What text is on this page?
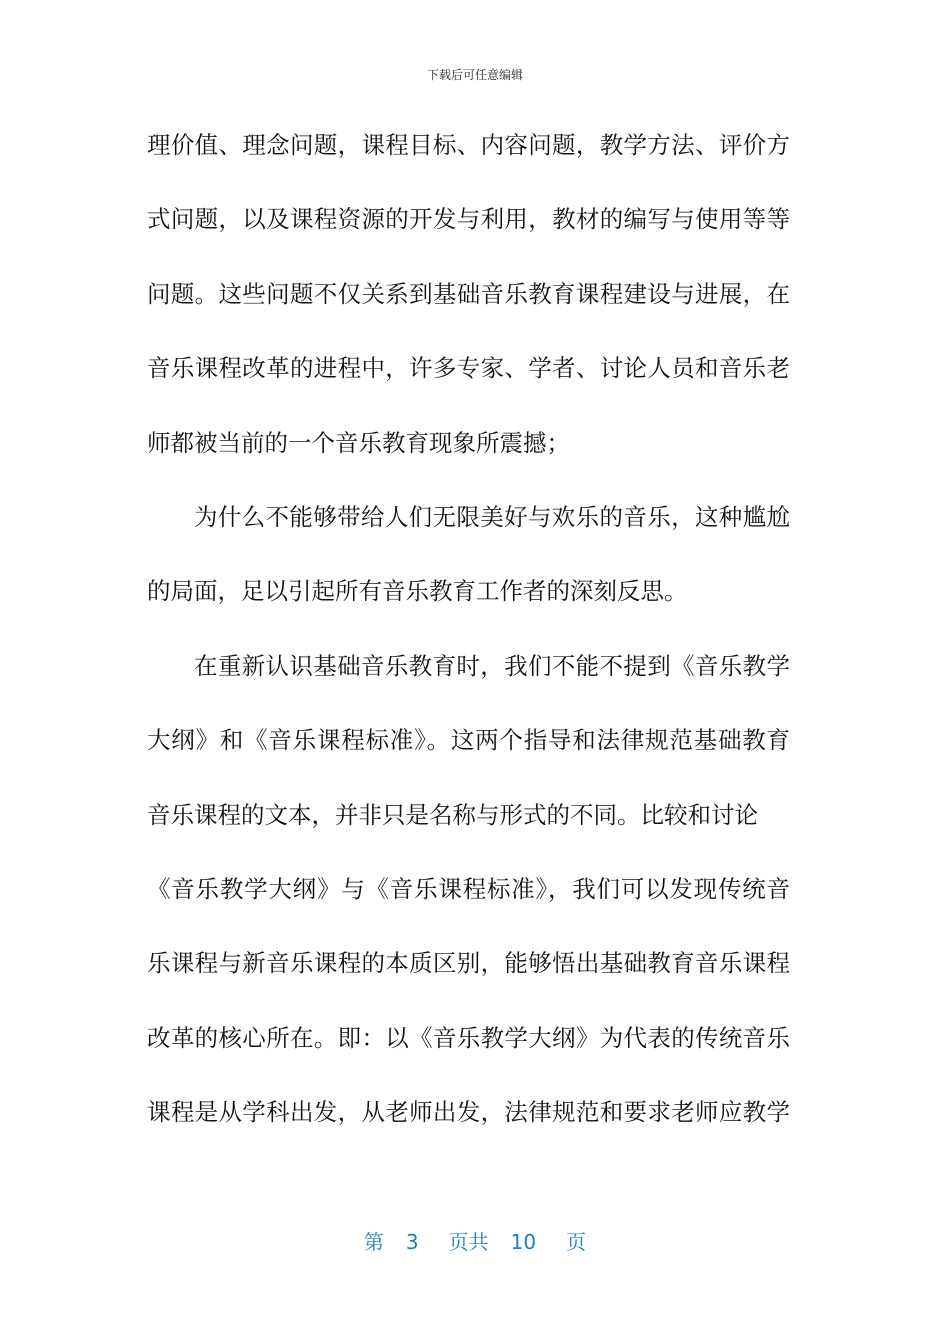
下载后可任意编辑
理价值、理念问题，课程目标、内容问题，教学方法、评价方
式问题，以及课程资源的开发与利用，教材的编写与使用等等
问题。这些问题不仅关系到基础音乐教育课程建设与进展，在
音乐课程改革的进程中，许多专家、学者、讨论人员和音乐老
师都被当前的一个音乐教育现象所震撼；
为什么不能够带给人们无限美好与欢乐的音乐，这种尴尬
的局面，足以引起所有音乐教育工作者的深刻反思。
在重新认识基础音乐教育时，我们不能不提到《音乐教学
大纲》和《音乐课程标准》。这两个指导和法律规范基础教育
音乐课程的文本，并非只是名称与形式的不同。比较和讨论
《音乐教学大纲》与《音乐课程标准》，我们可以发现传统音
乐课程与新音乐课程的本质区别，能够悟出基础教育音乐课程
改革的核心所在。即：以《音乐教学大纲》为代表的传统音乐
课程是从学科出发，从老师出发，法律规范和要求老师应教学
第 3 页共 10 页
